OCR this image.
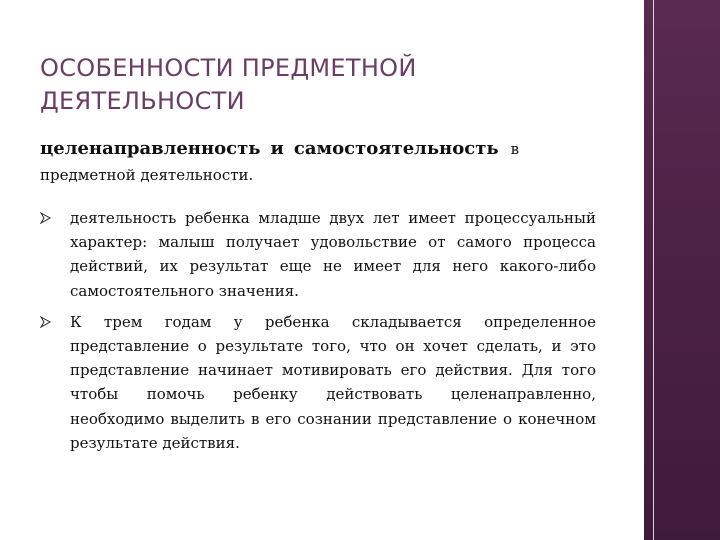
ОСОБЕННОСТИ ПРЕДМЕТНОЙ
ДЕЯТЕЛЬНОСТИ
целенаправленность и самостоятельность в
предметной деятельности.
деятельность ребенка младше двух лет имеет процессуальный характер: малыш получает удовольствие от самого процесса действий, их результат еще не имеет для него какого-либо самостоятельного значения.
К трем годам у ребенка складывается определенное представление о результате того, что он хочет сделать, и это представление начинает мотивировать его действия. Для того чтобы помочь ребенку действовать целенаправленно, необходимо выделить в его сознании представление о конечном результате действия.
